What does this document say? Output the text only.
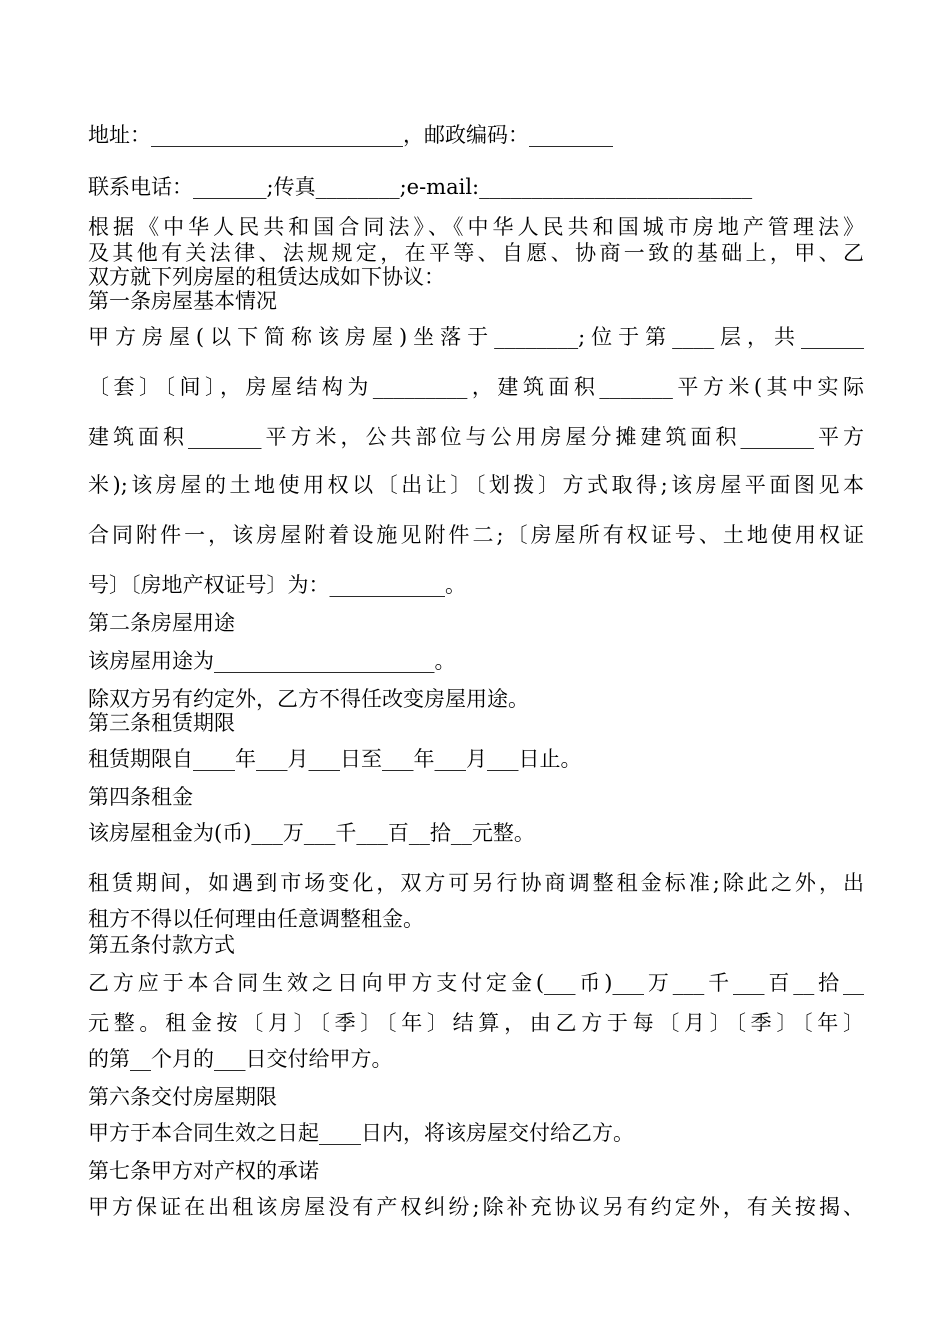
地址：________________________，邮政编码：________
联系电话：_______;传真________;e-mail:__________________________
根据《中华人民共和国合同法》、《中华人民共和国城市房地产管理法》
及其他有关法律、法规规定，在平等、自愿、协商一致的基础上，甲、乙
双方就下列房屋的租赁达成如下协议：
第一条房屋基本情况
甲方房屋(以下简称该房屋)坐落于________;位于第____层，共______
〔套〕〔间〕，房屋结构为_________，建筑面积_______平方米(其中实际
建筑面积_______平方米，公共部位与公用房屋分摊建筑面积_______平方
米);该房屋的土地使用权以〔出让〕〔划拨〕方式取得;该房屋平面图见本
合同附件一，该房屋附着设施见附件二;〔房屋所有权证号、土地使用权证
号〕〔房地产权证号〕为：___________。
第二条房屋用途
该房屋用途为_____________________。
除双方另有约定外，乙方不得任改变房屋用途。
第三条租赁期限
租赁期限自____年___月___日至___年___月___日止。
第四条租金
该房屋租金为(币)___万___千___百__拾__元整。
租赁期间，如遇到市场变化，双方可另行协商调整租金标准;除此之外，出
租方不得以任何理由任意调整租金。
第五条付款方式
乙方应于本合同生效之日向甲方支付定金(___币)___万___千___百__拾__
元整。租金按〔月〕〔季〕〔年〕结算，由乙方于每〔月〕〔季〕〔年〕
的第__个月的___日交付给甲方。
第六条交付房屋期限
甲方于本合同生效之日起____日内，将该房屋交付给乙方。
第七条甲方对产权的承诺
甲方保证在出租该房屋没有产权纠纷;除补充协议另有约定外，有关按揭、
